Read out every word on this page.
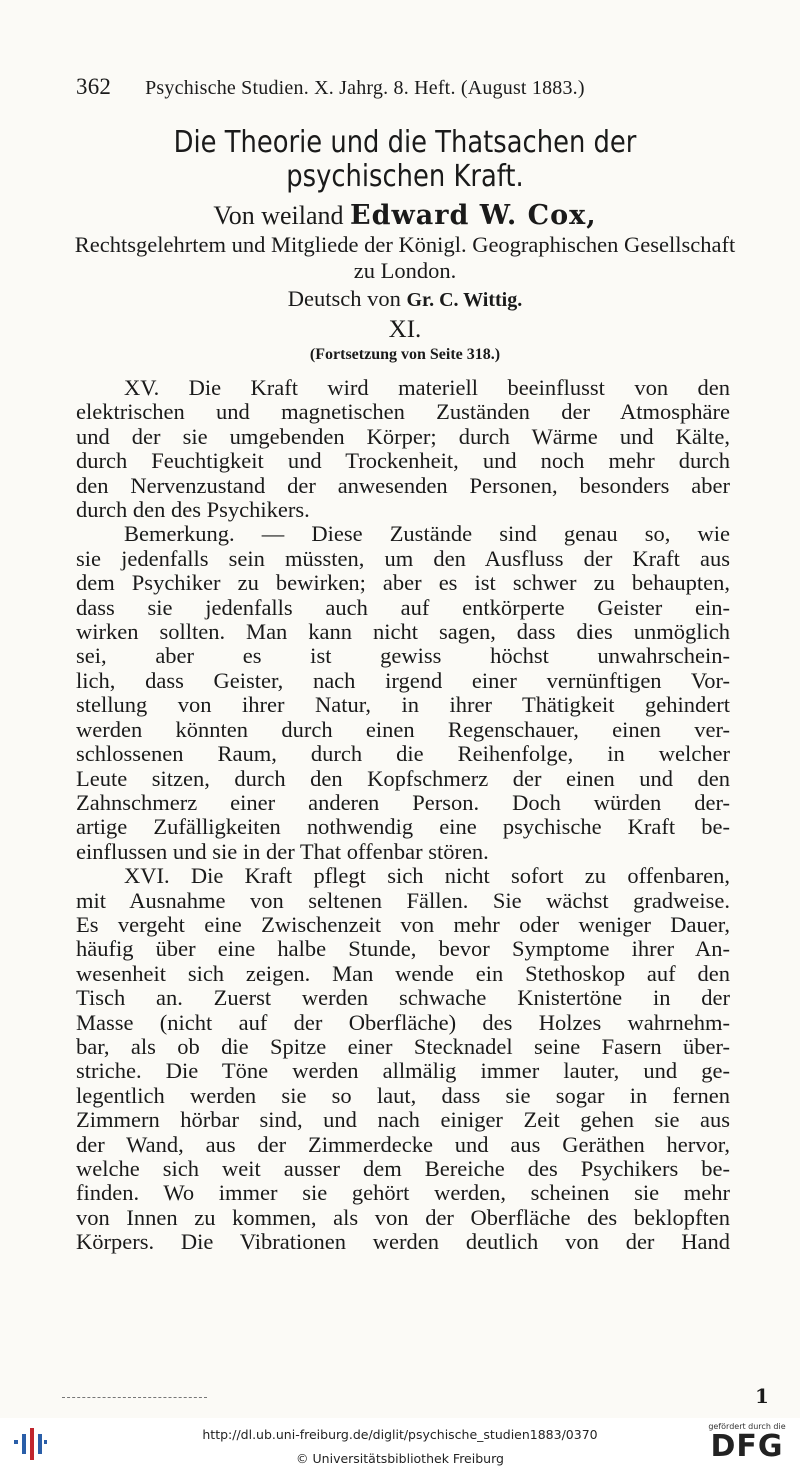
362 Psychische Studien. X. Jahrg. 8. Heft. (August 1883.)
Die Theorie und die Thatsachen der psychischen Kraft.
Von weiland Edward W. Cox,
Rechtsgelehrtem und Mitgliede der Königl. Geographischen Gesellschaft zu London.
Deutsch von Gr. C. Wittig.
XI.
(Fortsetzung von Seite 318.)
XV. Die Kraft wird materiell beeinflusst von den
elektrischen und magnetischen Zuständen der Atmosphäre
und der sie umgebenden Körper; durch Wärme und Kälte,
durch Feuchtigkeit und Trockenheit, und noch mehr durch
den Nervenzustand der anwesenden Personen, besonders aber
durch den des Psychikers.
Bemerkung. — Diese Zustände sind genau so, wie
sie jedenfalls sein müssten, um den Ausfluss der Kraft aus
dem Psychiker zu bewirken; aber es ist schwer zu behaupten,
dass sie jedenfalls auch auf entkörperte Geister ein-
wirken sollten. Man kann nicht sagen, dass dies unmöglich
sei, aber es ist gewiss höchst unwahrschein-
lich, dass Geister, nach irgend einer vernünftigen Vor-
stellung von ihrer Natur, in ihrer Thätigkeit gehindert
werden könnten durch einen Regenschauer, einen ver-
schlossenen Raum, durch die Reihenfolge, in welcher
Leute sitzen, durch den Kopfschmerz der einen und den
Zahnschmerz einer anderen Person. Doch würden der-
artige Zufälligkeiten nothwendig eine psychische Kraft be-
einflussen und sie in der That offenbar stören.
XVI. Die Kraft pflegt sich nicht sofort zu offenbaren,
mit Ausnahme von seltenen Fällen. Sie wächst gradweise.
Es vergeht eine Zwischenzeit von mehr oder weniger Dauer,
häufig über eine halbe Stunde, bevor Symptome ihrer An-
wesenheit sich zeigen. Man wende ein Stethoskop auf den
Tisch an. Zuerst werden schwache Knistertöne in der
Masse (nicht auf der Oberfläche) des Holzes wahrnehm-
bar, als ob die Spitze einer Stecknadel seine Fasern über-
striche. Die Töne werden allmälig immer lauter, und ge-
legentlich werden sie so laut, dass sie sogar in fernen
Zimmern hörbar sind, und nach einiger Zeit gehen sie aus
der Wand, aus der Zimmerdecke und aus Geräthen hervor,
welche sich weit ausser dem Bereiche des Psychikers be-
finden. Wo immer sie gehört werden, scheinen sie mehr
von Innen zu kommen, als von der Oberfläche des beklopften
Körpers. Die Vibrationen werden deutlich von der Hand
1
http://dl.ub.uni-freiburg.de/diglit/psychische_studien1883/0370
© Universitätsbibliothek Freiburg
gefördert durch die
DFG
